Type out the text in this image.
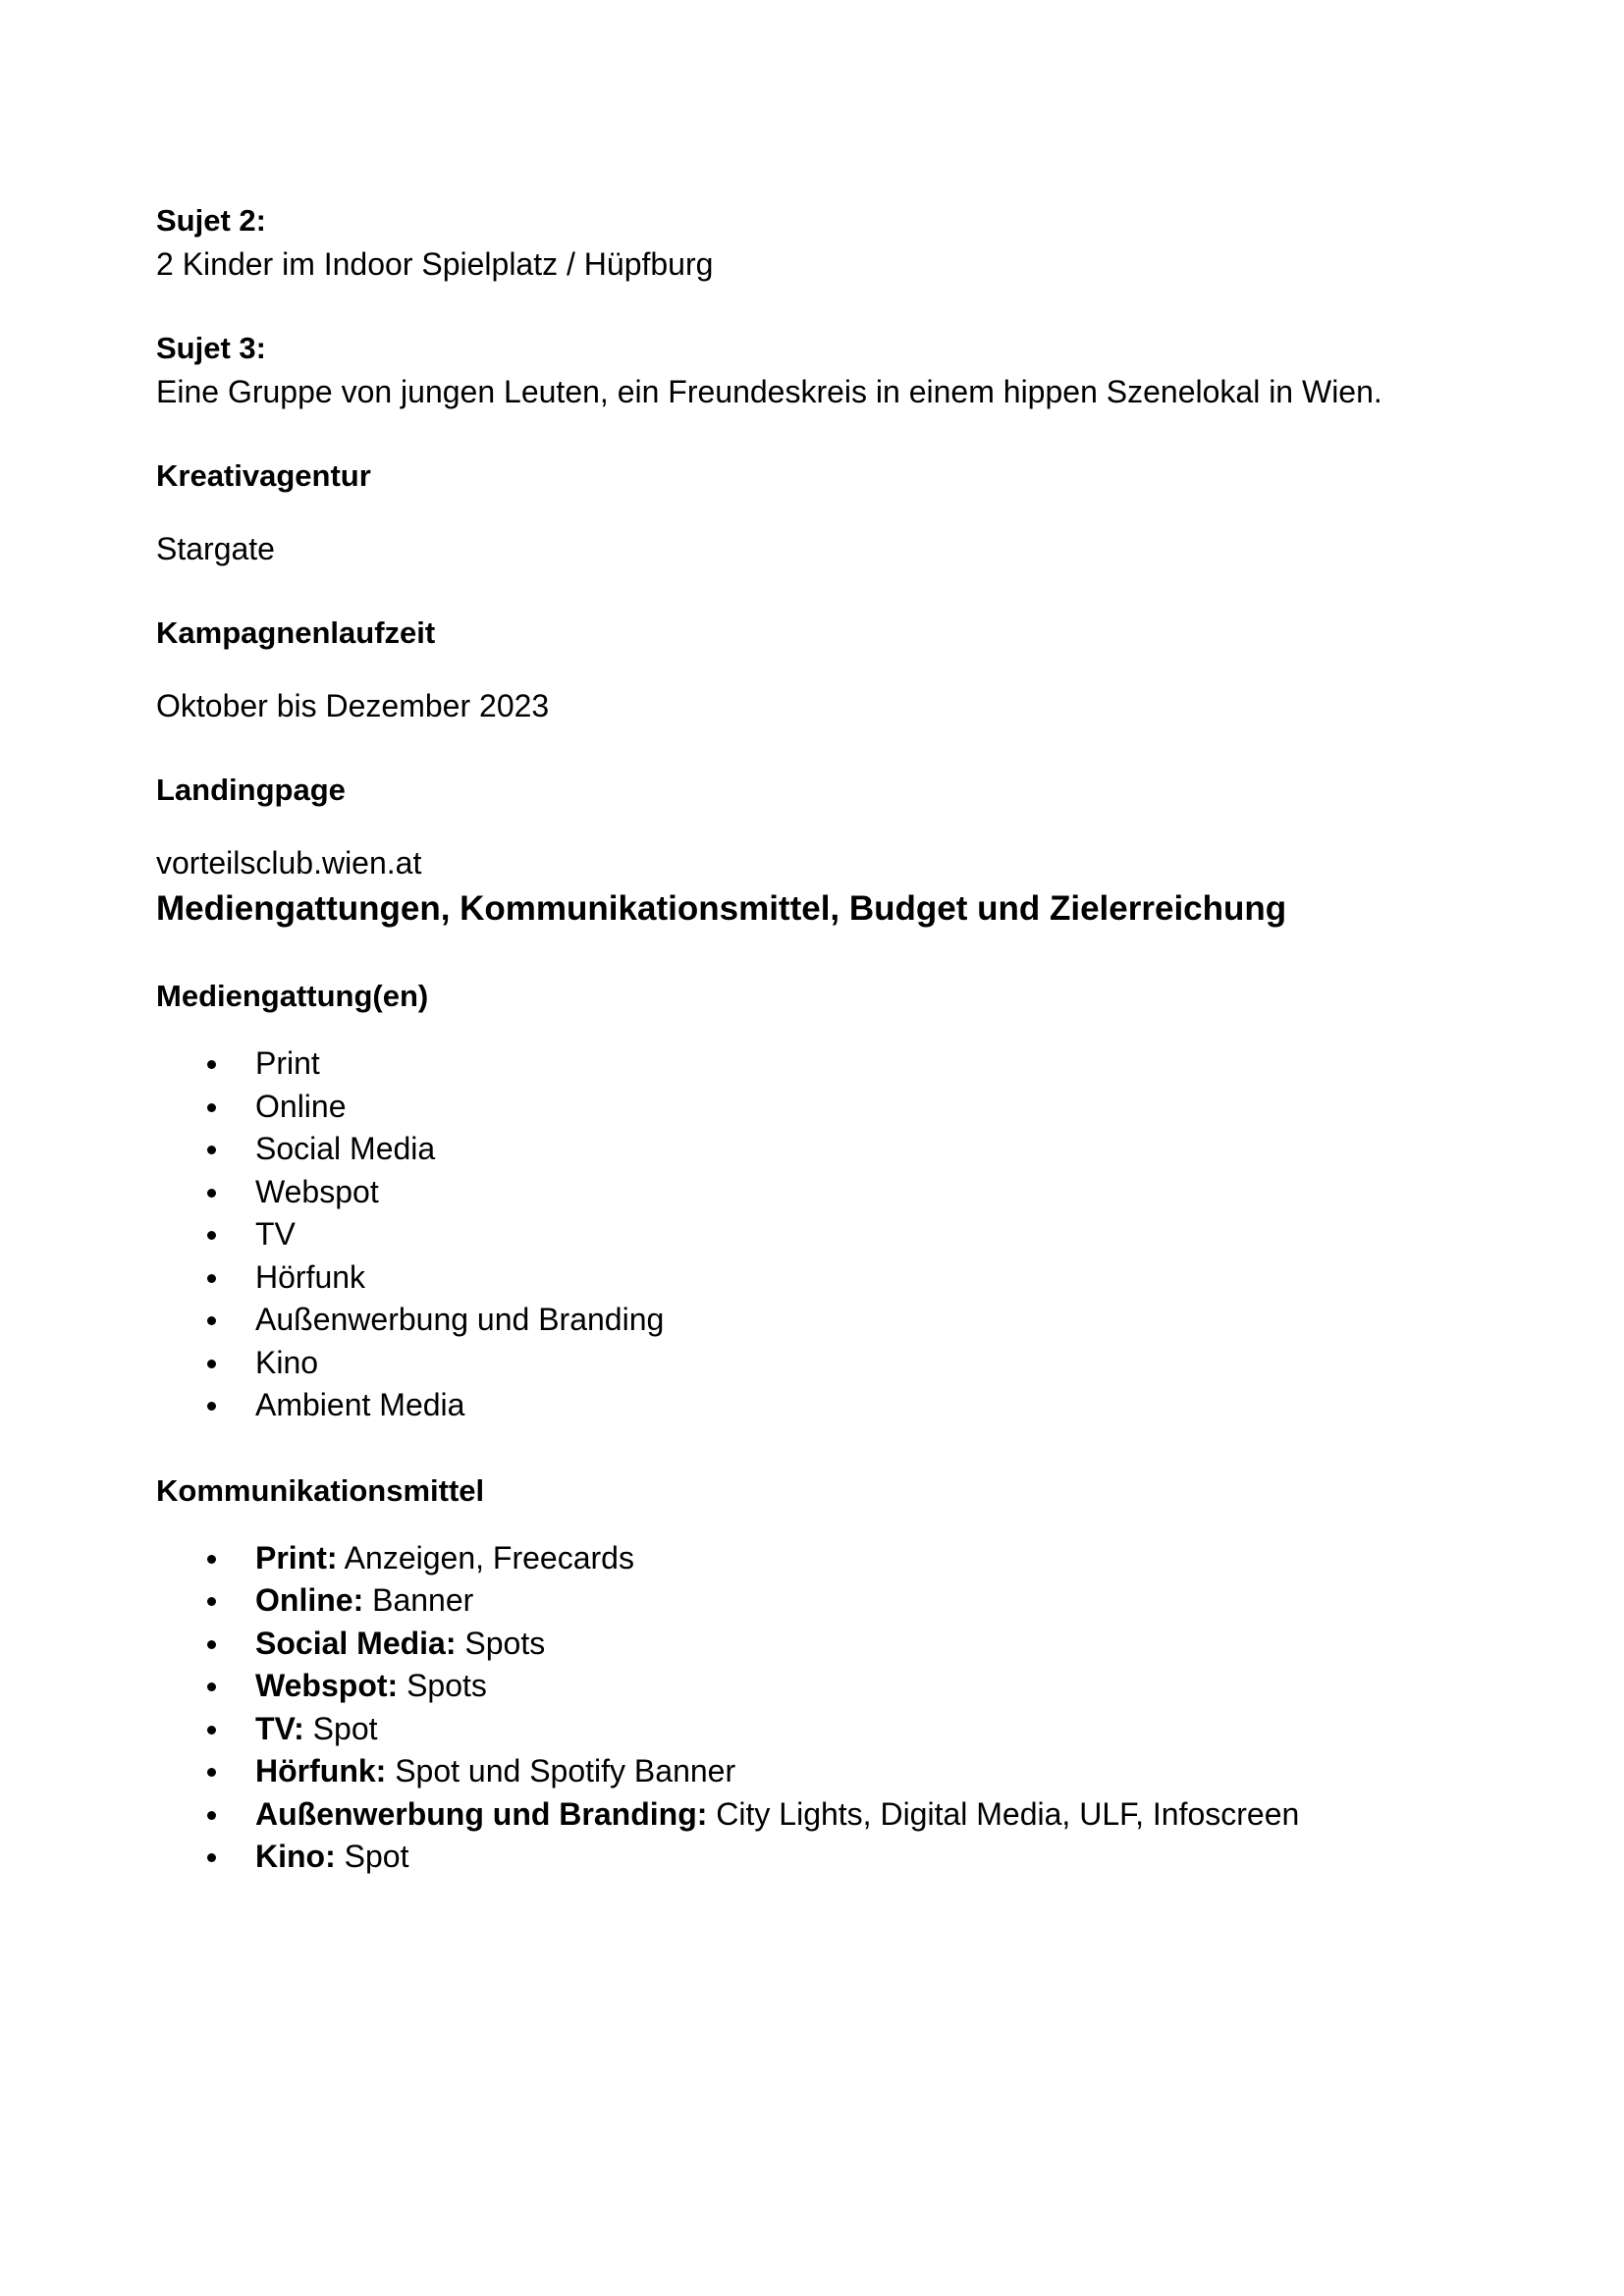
Sujet 2:

2 Kinder im Indoor Spielplatz / Hüpfburg

Sujet 3:

Eine Gruppe von jungen Leuten, ein Freundeskreis in einem hippen Szenelokal in Wien.

Kreativagentur

Stargate

Kampagnenlaufzeit

Oktober bis Dezember 2023

Landingpage

vorteilsclub.wien.at

Mediengattungen, Kommunikationsmittel, Budget und Zielerreichung

Mediengattung(en)

Print
Online
Social Media
Webspot
TV
Hörfunk
Außenwerbung und Branding
Kino
Ambient Media

Kommunikationsmittel

Print: Anzeigen, Freecards
Online: Banner
Social Media: Spots
Webspot: Spots
TV: Spot
Hörfunk: Spot und Spotify Banner
Außenwerbung und Branding: City Lights, Digital Media, ULF, Infoscreen
Kino: Spot
